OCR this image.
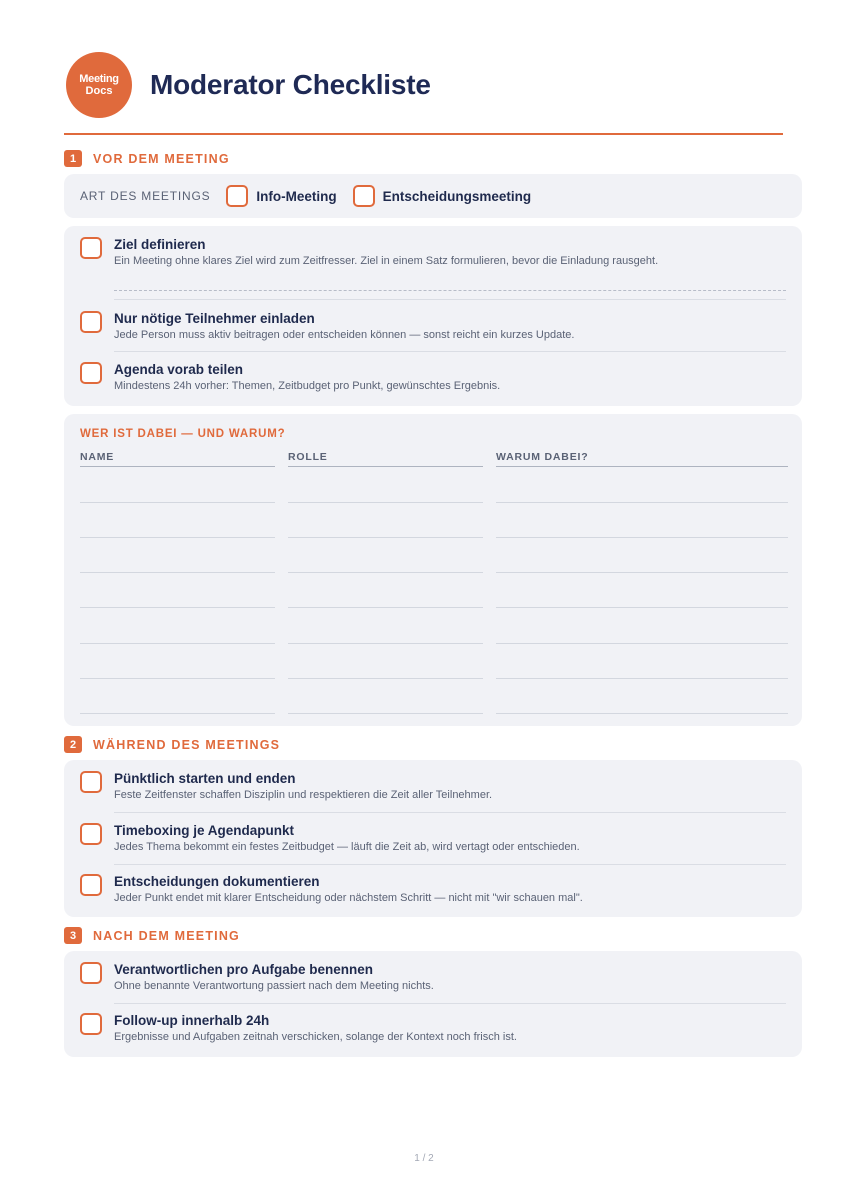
Meeting
Docs Moderator Checkliste
1	VOR DEM MEETING
ART DES MEETINGS	Info-Meeting	Entscheidungsmeeting
Ziel definieren
Ein Meeting ohne klares Ziel wird zum Zeitfresser. Ziel in einem Satz formulieren, bevor die Einladung rausgeht.
Nur nötige Teilnehmer einladen
Jede Person muss aktiv beitragen oder entscheiden können — sonst reicht ein kurzes Update.
Agenda vorab teilen
Mindestens 24h vorher: Themen, Zeitbudget pro Punkt, gewünschtes Ergebnis.
WER IST DABEI — UND WARUM?
NAME	ROLLE	WARUM DABEI?
2	WÄHREND DES MEETINGS
Pünktlich starten und enden
Feste Zeitfenster schaffen Disziplin und respektieren die Zeit aller Teilnehmer.
Timeboxing je Agendapunkt
Jedes Thema bekommt ein festes Zeitbudget — läuft die Zeit ab, wird vertagt oder entschieden.
Entscheidungen dokumentieren
Jeder Punkt endet mit klarer Entscheidung oder nächstem Schritt — nicht mit "wir schauen mal".
3	NACH DEM MEETING
Verantwortlichen pro Aufgabe benennen
Ohne benannte Verantwortung passiert nach dem Meeting nichts.
Follow-up innerhalb 24h
Ergebnisse und Aufgaben zeitnah verschicken, solange der Kontext noch frisch ist.
1 / 2
